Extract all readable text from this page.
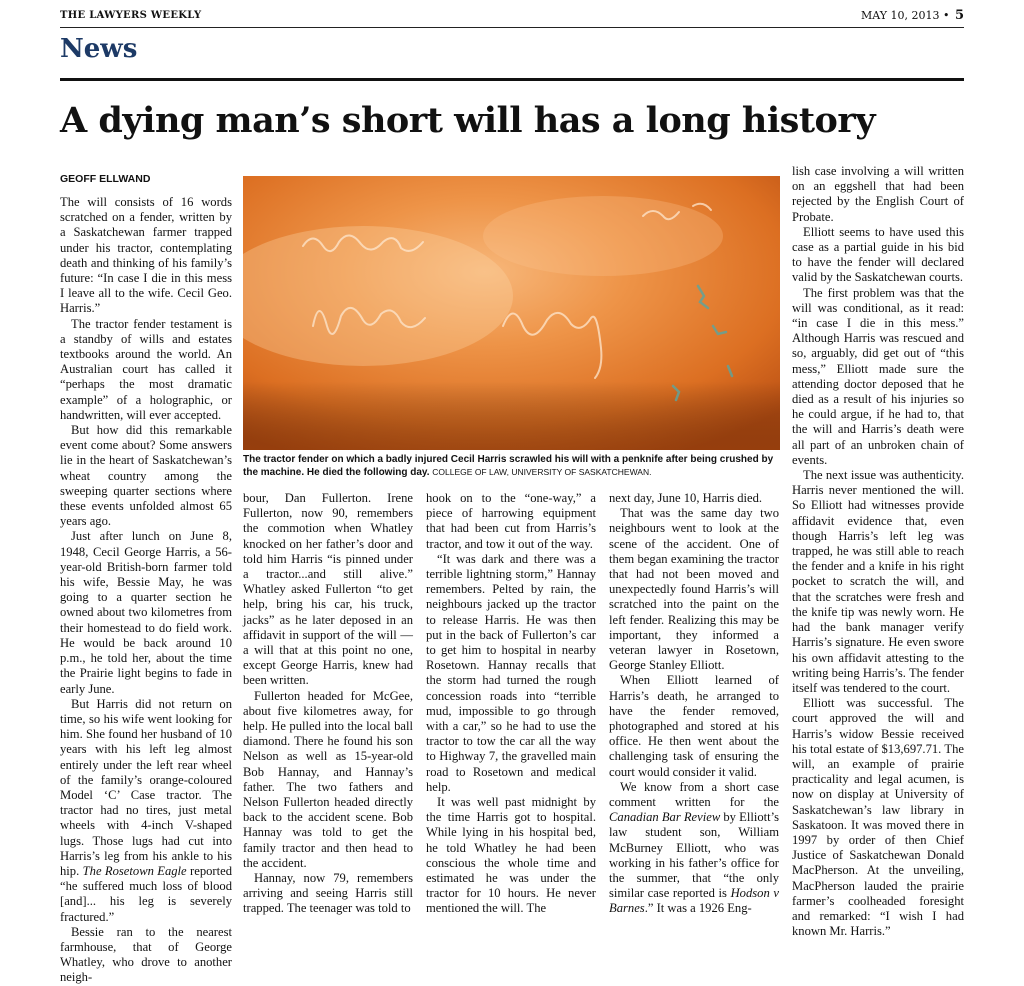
THE LAWYERS WEEKLY	MAY 10, 2013 • 5
News
A dying man’s short will has a long history
GEOFF ELLWAND

The will consists of 16 words scratched on a fender, written by a Saskatchewan farmer trapped under his tractor, contemplating death and thinking of his family’s future: “In case I die in this mess I leave all to the wife. Cecil Geo. Harris.”

The tractor fender testament is a standby of wills and estates textbooks around the world. An Australian court has called it “perhaps the most dramatic example” of a holographic, or handwritten, will ever accepted.

But how did this remarkable event come about? Some answers lie in the heart of Saskatchewan’s wheat country among the sweeping quarter sections where these events unfolded almost 65 years ago.

Just after lunch on June 8, 1948, Cecil George Harris, a 56-year-old British-born farmer told his wife, Bessie May, he was going to a quarter section he owned about two kilometres from their homestead to do field work. He would be back around 10 p.m., he told her, about the time the Prairie light begins to fade in early June.

But Harris did not return on time, so his wife went looking for him. She found her husband of 10 years with his left leg almost entirely under the left rear wheel of the family’s orange-coloured Model ‘C’ Case tractor. The tractor had no tires, just metal wheels with 4-inch V-shaped lugs. Those lugs had cut into Harris’s leg from his ankle to his hip. The Rosetown Eagle reported “he suffered much loss of blood [and]... his leg is severely fractured.”

Bessie ran to the nearest farmhouse, that of George Whatley, who drove to another neigh-

The tractor fender on which a badly injured Cecil Harris scrawled his will with a penknife after being crushed by the machine. He died the following day. COLLEGE OF LAW, UNIVERSITY OF SASKATCHEWAN.

bour, Dan Fullerton. Irene Fullerton, now 90, remembers the commotion when Whatley knocked on her father’s door and told him Harris “is pinned under a tractor...and still alive.” Whatley asked Fullerton “to get help, bring his car, his truck, jacks” as he later deposed in an affidavit in support of the will — a will that at this point no one, except George Harris, knew had been written.

Fullerton headed for McGee, about five kilometres away, for help. He pulled into the local ball diamond. There he found his son Nelson as well as 15-year-old Bob Hannay, and Hannay’s father. The two fathers and Nelson Fullerton headed directly back to the accident scene. Bob Hannay was told to get the family tractor and then head to the accident.

Hannay, now 79, remembers arriving and seeing Harris still trapped. The teenager was told to

hook on to the “one-way,” a piece of harrowing equipment that had been cut from Harris’s tractor, and tow it out of the way.

“It was dark and there was a terrible lightning storm,” Hannay remembers. Pelted by rain, the neighbours jacked up the tractor to release Harris. He was then put in the back of Fullerton’s car to get him to hospital in nearby Rosetown. Hannay recalls that the storm had turned the rough concession roads into “terrible mud, impossible to go through with a car,” so he had to use the tractor to tow the car all the way to Highway 7, the gravelled main road to Rosetown and medical help.

It was well past midnight by the time Harris got to hospital. While lying in his hospital bed, he told Whatley he had been conscious the whole time and estimated he was under the tractor for 10 hours. He never mentioned the will. The

next day, June 10, Harris died.

That was the same day two neighbours went to look at the scene of the accident. One of them began examining the tractor that had not been moved and unexpectedly found Harris’s will scratched into the paint on the left fender. Realizing this may be important, they informed a veteran lawyer in Rosetown, George Stanley Elliott.

When Elliott learned of Harris’s death, he arranged to have the fender removed, photographed and stored at his office. He then went about the challenging task of ensuring the court would consider it valid.

We know from a short case comment written for the Canadian Bar Review by Elliott’s law student son, William McBurney Elliott, who was working in his father’s office for the summer, that “the only similar case reported is Hodson v Barnes.” It was a 1926 Eng-

lish case involving a will written on an eggshell that had been rejected by the English Court of Probate.

Elliott seems to have used this case as a partial guide in his bid to have the fender will declared valid by the Saskatchewan courts.

The first problem was that the will was conditional, as it read: “in case I die in this mess.” Although Harris was rescued and so, arguably, did get out of “this mess,” Elliott made sure the attending doctor deposed that he died as a result of his injuries so he could argue, if he had to, that the will and Harris’s death were all part of an unbroken chain of events.

The next issue was authenticity. Harris never mentioned the will. So Elliott had witnesses provide affidavit evidence that, even though Harris’s left leg was trapped, he was still able to reach the fender and a knife in his right pocket to scratch the will, and that the scratches were fresh and the knife tip was newly worn. He had the bank manager verify Harris’s signature. He even swore his own affidavit attesting to the writing being Harris’s. The fender itself was tendered to the court.

Elliott was successful. The court approved the will and Harris’s widow Bessie received his total estate of $13,697.71. The will, an example of prairie practicality and legal acumen, is now on display at University of Saskatchewan’s law library in Saskatoon. It was moved there in 1997 by order of then Chief Justice of Saskatchewan Donald MacPherson. At the unveiling, MacPherson lauded the prairie farmer’s coolheaded foresight and remarked: “I wish I had known Mr. Harris.”
